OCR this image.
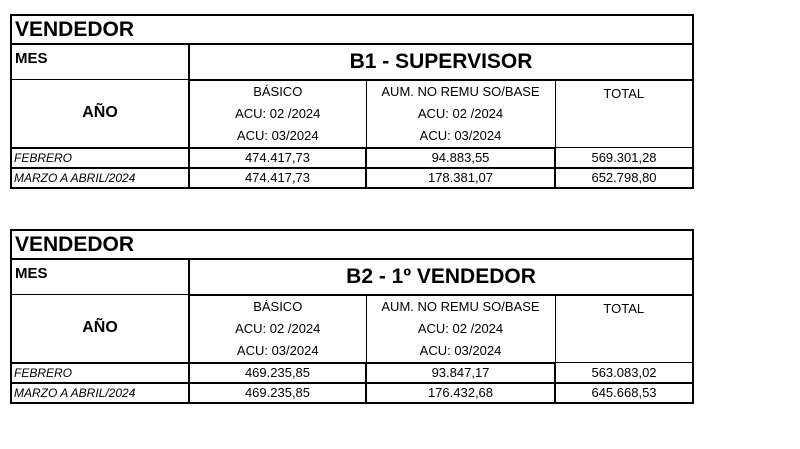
VENDEDOR			
MES	B1 - SUPERVISOR		
AÑO	BÁSICO	AUM. NO REMU SO/BASE	TOTAL
	ACU: 02 /2024	ACU: 02 /2024	
	ACU: 03/2024	ACU: 03/2024	
FEBRERO	474.417,73	94.883,55	569.301,28
MARZO A ABRIL/2024	474.417,73	178.381,07	652.798,80
VENDEDOR			
MES	B2 - 1º VENDEDOR		
AÑO	BÁSICO	AUM. NO REMU SO/BASE	TOTAL
	ACU: 02 /2024	ACU: 02 /2024	
	ACU: 03/2024	ACU: 03/2024	
FEBRERO	469.235,85	93.847,17	563.083,02
MARZO A ABRIL/2024	469.235,85	176.432,68	645.668,53
